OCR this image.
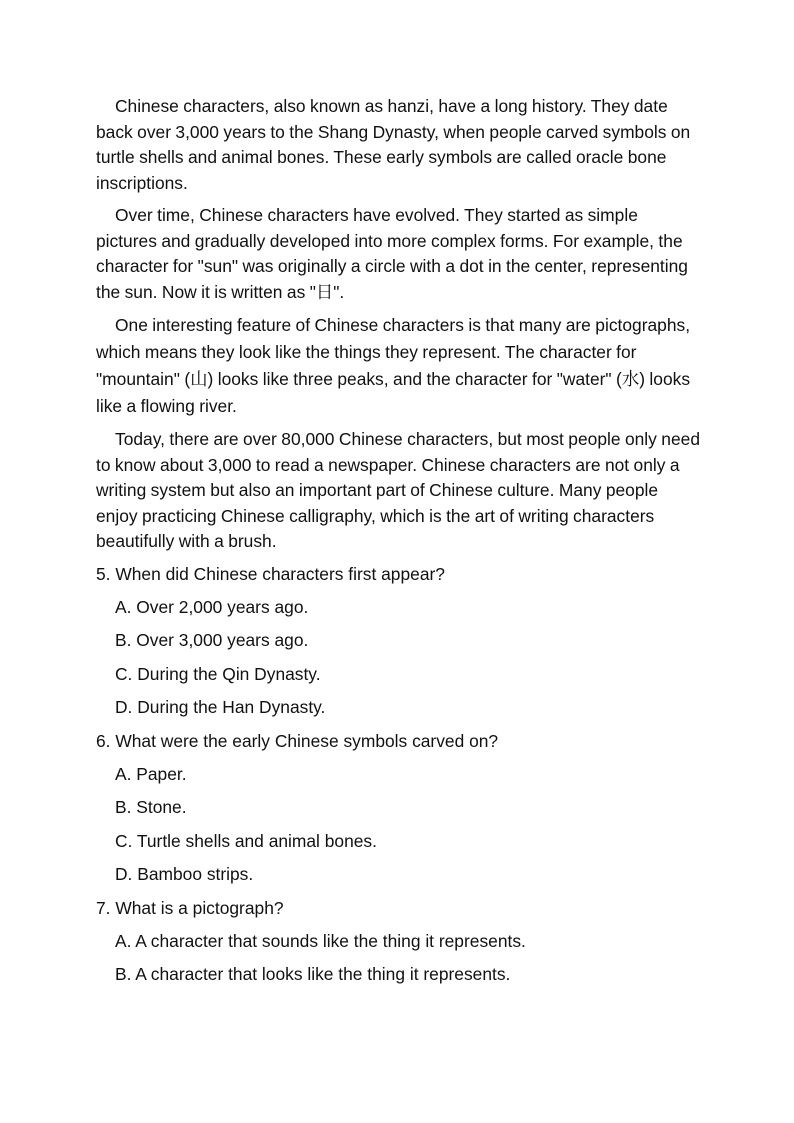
Chinese characters, also known as hanzi, have a long history. They date back over 3,000 years to the Shang Dynasty, when people carved symbols on turtle shells and animal bones. These early symbols are called oracle bone inscriptions.

Over time, Chinese characters have evolved. They started as simple pictures and gradually developed into more complex forms. For example, the character for "sun" was originally a circle with a dot in the center, representing the sun. Now it is written as "日".

One interesting feature of Chinese characters is that many are pictographs, which means they look like the things they represent. The character for "mountain" (山) looks like three peaks, and the character for "water" (水) looks like a flowing river.

Today, there are over 80,000 Chinese characters, but most people only need to know about 3,000 to read a newspaper. Chinese characters are not only a writing system but also an important part of Chinese culture. Many people enjoy practicing Chinese calligraphy, which is the art of writing characters beautifully with a brush.

5. When did Chinese characters first appear?
A. Over 2,000 years ago.
B. Over 3,000 years ago.
C. During the Qin Dynasty.
D. During the Han Dynasty.
6. What were the early Chinese symbols carved on?
A. Paper.
B. Stone.
C. Turtle shells and animal bones.
D. Bamboo strips.
7. What is a pictograph?
A. A character that sounds like the thing it represents.
B. A character that looks like the thing it represents.
